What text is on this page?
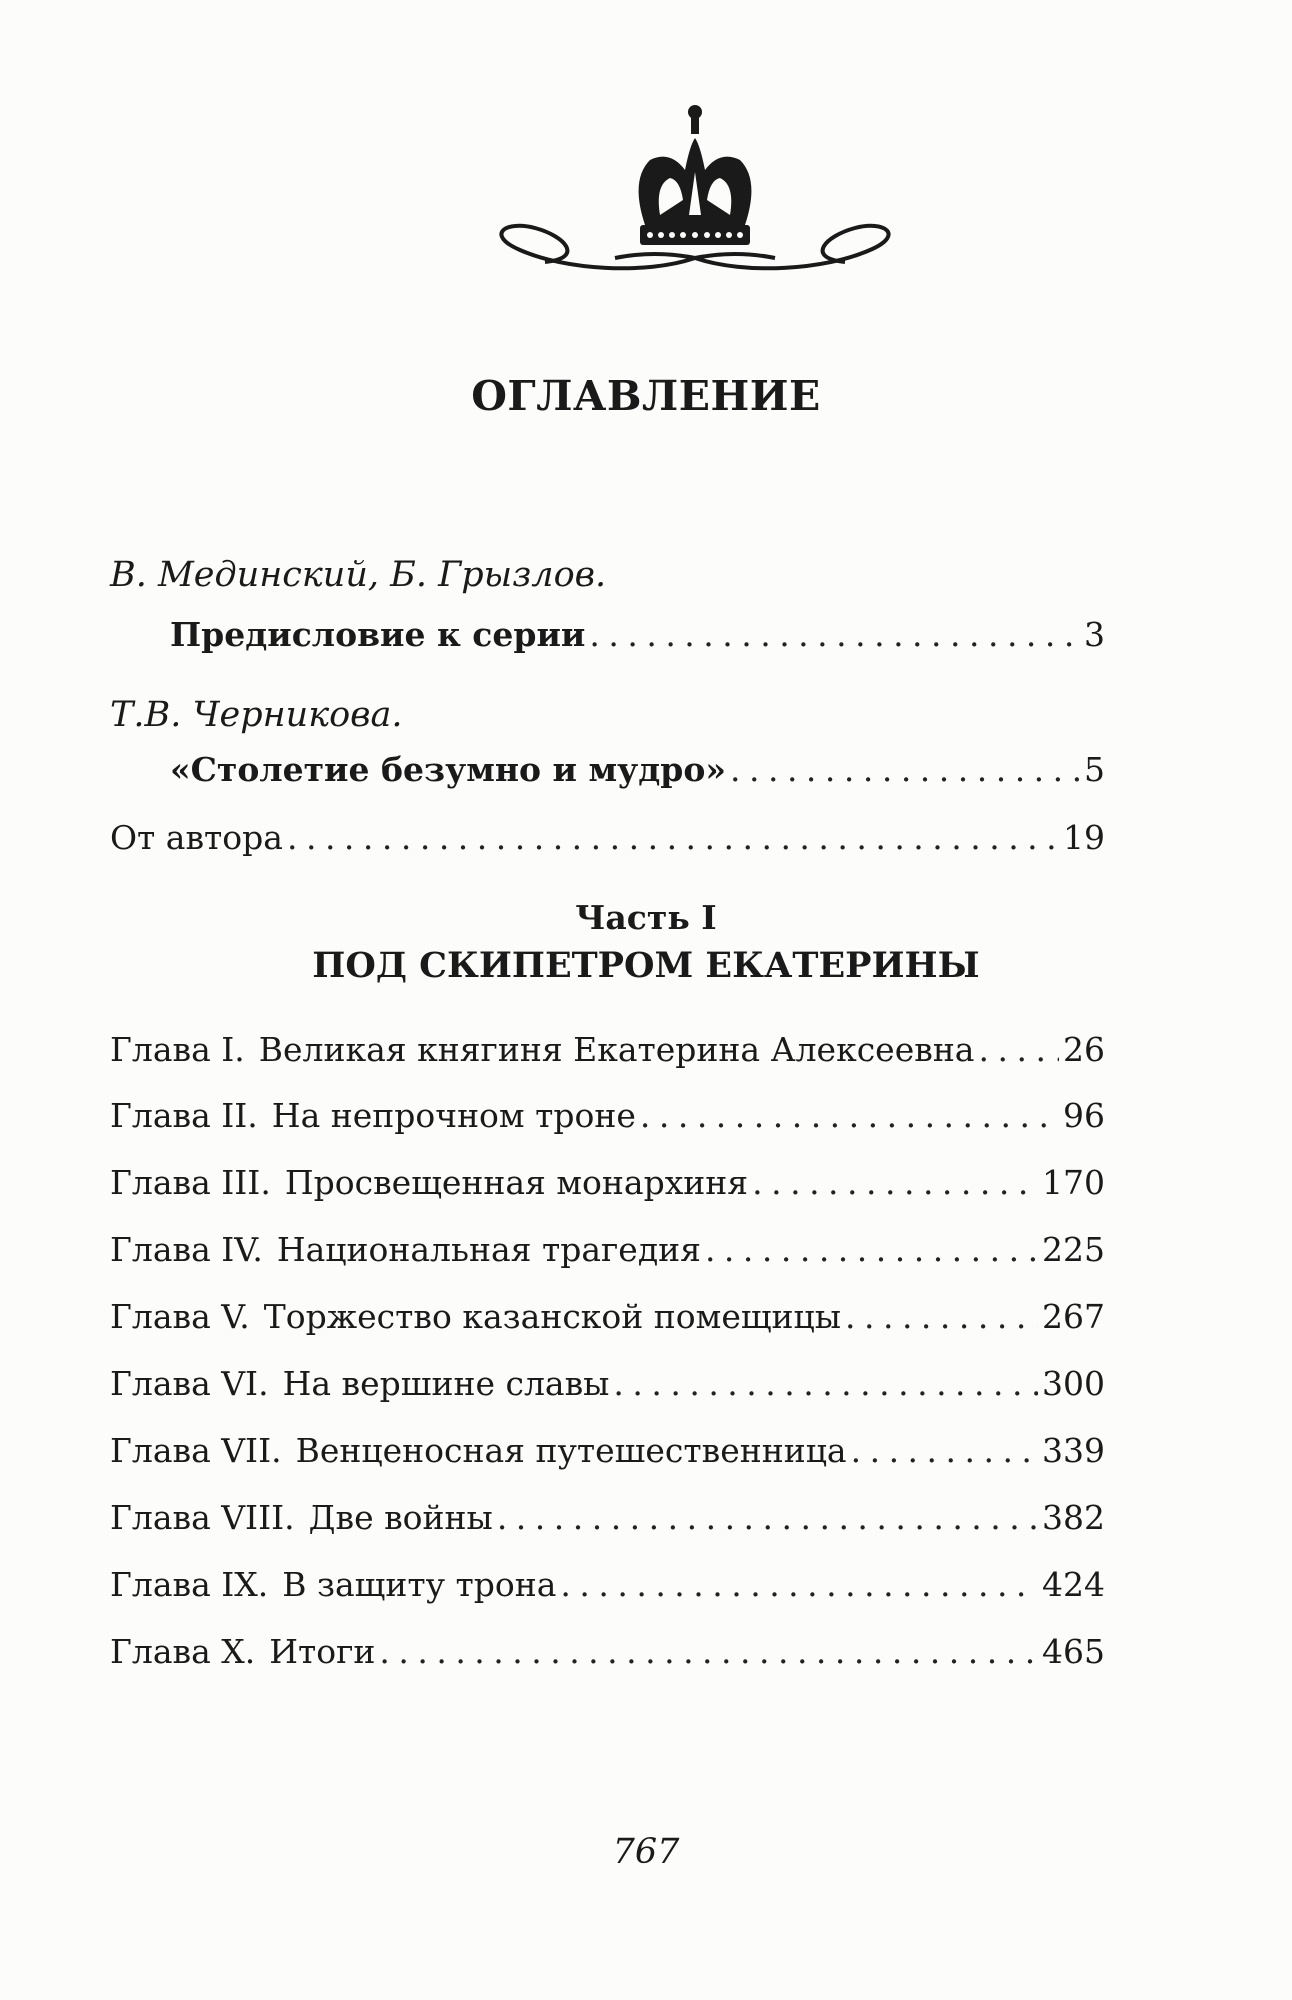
ОГЛАВЛЕНИЕ
В. Мединский, Б. Грызлов.
Предисловие к серии . . .	3
Т.В. Черникова.
«Столетие безумно и мудро» . . .	5
От автора . . .	19
Часть I
ПОД СКИПЕТРОМ ЕКАТЕРИНЫ
Глава I. Великая княгиня Екатерина Алексеевна . . .	26
Глава II. На непрочном троне . . .	96
Глава III. Просвещенная монархиня . . .	170
Глава IV. Национальная трагедия . . .	225
Глава V. Торжество казанской помещицы . . .	267
Глава VI. На вершине славы . . .	300
Глава VII. Венценосная путешественница . . .	339
Глава VIII. Две войны . . .	382
Глава IX. В защиту трона . . .	424
Глава X. Итоги . . .	465
767
